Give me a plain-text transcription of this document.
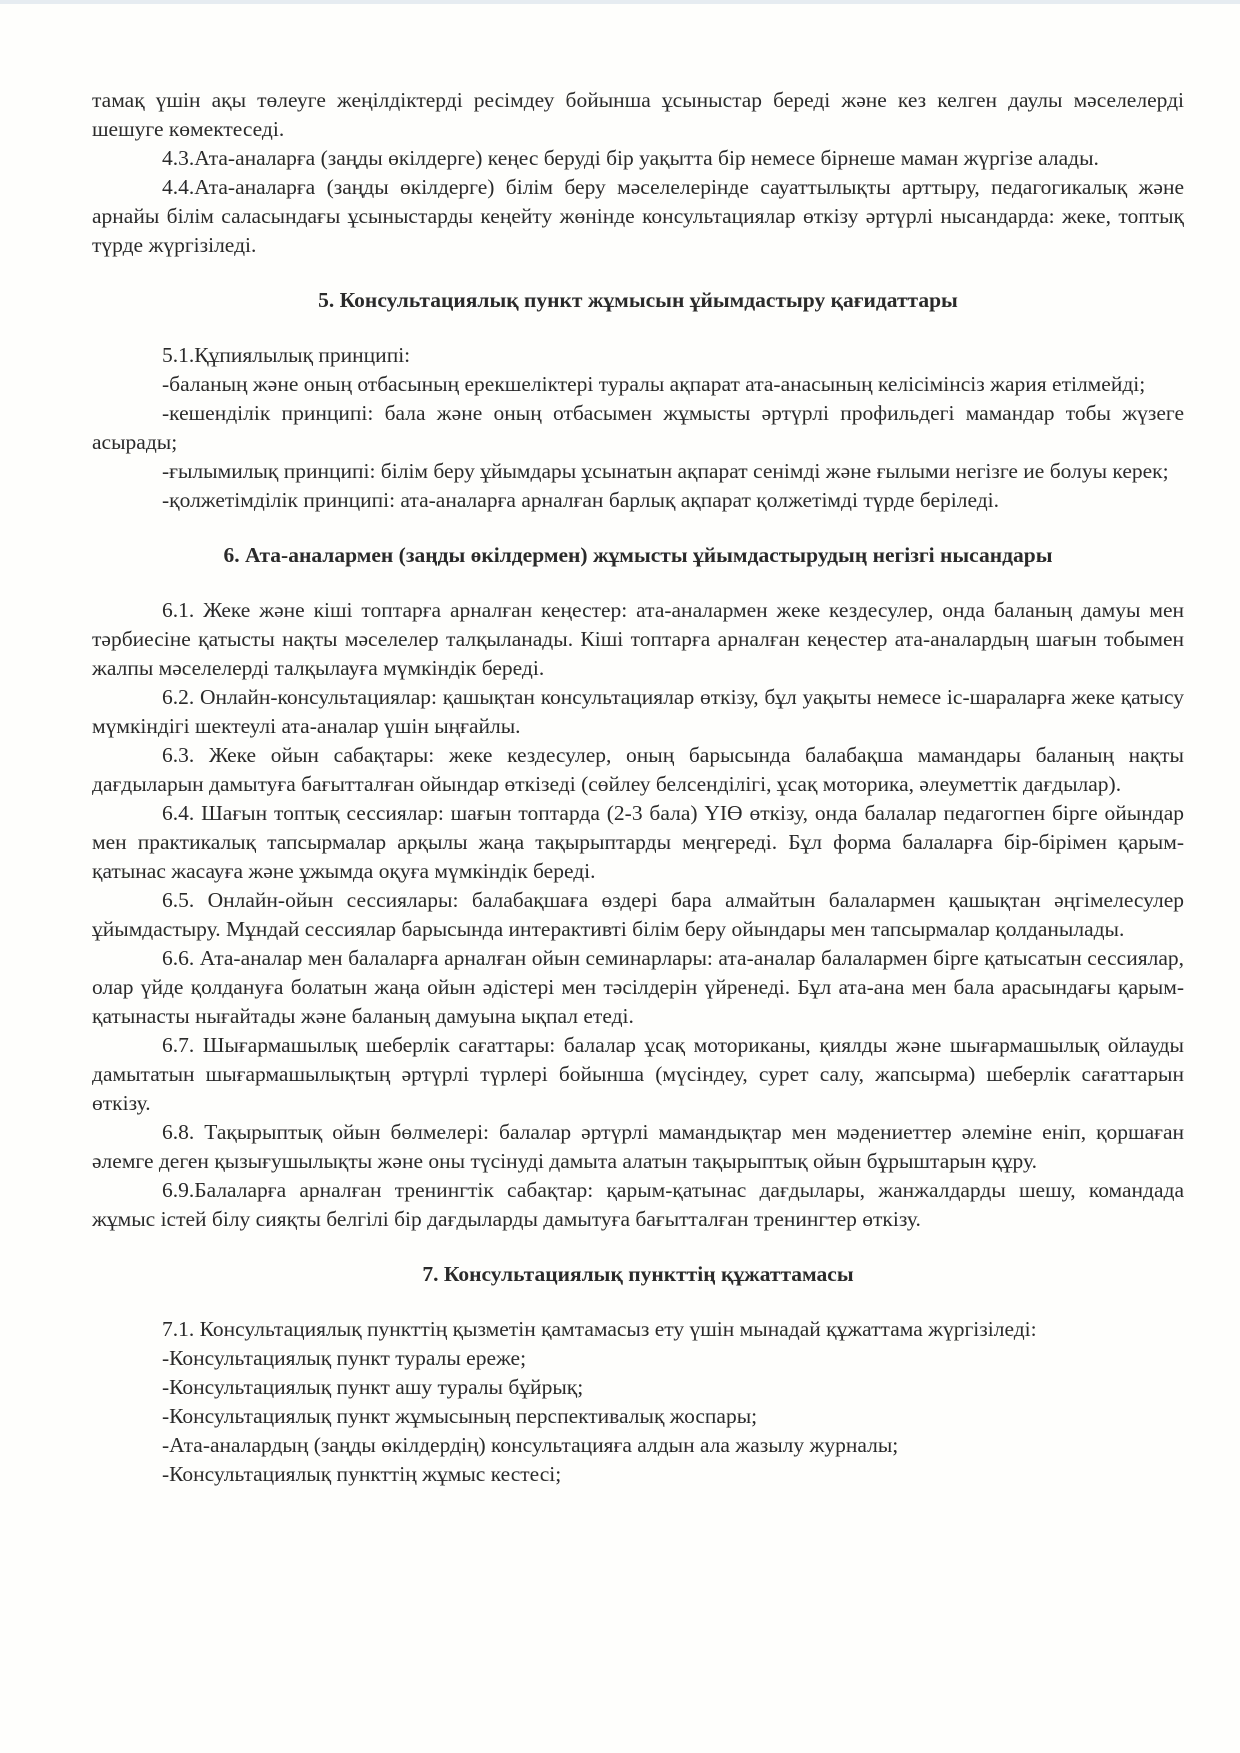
тамақ үшін ақы төлеуге жеңілдіктерді ресімдеу бойынша ұсыныстар береді және кез келген даулы мәселелерді шешуге көмектеседі.

4.3.Ата-аналарға (заңды өкілдерге) кеңес беруді бір уақытта бір немесе бірнеше маман жүргізе алады.

4.4.Ата-аналарға (заңды өкілдерге) білім беру мәселелерінде сауаттылықты арттыру, педагогикалық және арнайы білім саласындағы ұсыныстарды кеңейту жөнінде консультациялар өткізу әртүрлі нысандарда: жеке, топтық түрде жүргізіледі.

5. Консультациялық пункт жұмысын ұйымдастыру қағидаттары

5.1.Құпиялылық принципі:

-баланың және оның отбасының ерекшеліктері туралы ақпарат ата-анасының келісімінсіз жария етілмейді;

-кешенділік принципі: бала және оның отбасымен жұмысты әртүрлі профильдегі мамандар тобы жүзеге асырады;

-ғылымилық принципі: білім беру ұйымдары ұсынатын ақпарат сенімді және ғылыми негізге ие болуы керек;

-қолжетімділік принципі: ата-аналарға арналған барлық ақпарат қолжетімді түрде беріледі.

6. Ата-аналармен (заңды өкілдермен) жұмысты ұйымдастырудың негізгі нысандары

6.1. Жеке және кіші топтарға арналған кеңестер: ата-аналармен жеке кездесулер, онда баланың дамуы мен тәрбиесіне қатысты нақты мәселелер талқыланады. Кіші топтарға арналған кеңестер ата-аналардың шағын тобымен жалпы мәселелерді талқылауға мүмкіндік береді.

6.2. Онлайн-консультациялар: қашықтан консультациялар өткізу, бұл уақыты немесе іс-шараларға жеке қатысу мүмкіндігі шектеулі ата-аналар үшін ыңғайлы.

6.3. Жеке ойын сабақтары: жеке кездесулер, оның барысында балабақша мамандары баланың нақты дағдыларын дамытуға бағытталған ойындар өткізеді (сөйлеу белсенділігі, ұсақ моторика, әлеуметтік дағдылар).

6.4. Шағын топтық сессиялар: шағын топтарда (2-3 бала) ҮІӨ өткізу, онда балалар педагогпен бірге ойындар мен практикалық тапсырмалар арқылы жаңа тақырыптарды меңгереді. Бұл форма балаларға бір-бірімен қарым-қатынас жасауға және ұжымда оқуға мүмкіндік береді.

6.5. Онлайн-ойын сессиялары: балабақшаға өздері бара алмайтын балалармен қашықтан әңгімелесулер ұйымдастыру. Мұндай сессиялар барысында интерактивті білім беру ойындары мен тапсырмалар қолданылады.

6.6. Ата-аналар мен балаларға арналған ойын семинарлары: ата-аналар балалармен бірге қатысатын сессиялар, олар үйде қолдануға болатын жаңа ойын әдістері мен тәсілдерін үйренеді. Бұл ата-ана мен бала арасындағы қарым-қатынасты нығайтады және баланың дамуына ықпал етеді.

6.7. Шығармашылық шеберлік сағаттары: балалар ұсақ моториканы, қиялды және шығармашылық ойлауды дамытатын шығармашылықтың әртүрлі түрлері бойынша (мүсіндеу, сурет салу, жапсырма) шеберлік сағаттарын өткізу.

6.8. Тақырыптық ойын бөлмелері: балалар әртүрлі мамандықтар мен мәдениеттер әлеміне еніп, қоршаған әлемге деген қызығушылықты және оны түсінуді дамыта алатын тақырыптық ойын бұрыштарын құру.

6.9.Балаларға арналған тренингтік сабақтар: қарым-қатынас дағдылары, жанжалдарды шешу, командада жұмыс істей білу сияқты белгілі бір дағдыларды дамытуға бағытталған тренингтер өткізу.

7. Консультациялық пункттің құжаттамасы

7.1. Консультациялық пункттің қызметін қамтамасыз ету үшін мынадай құжаттама жүргізіледі:

-Консультациялық пункт туралы ереже;

-Консультациялық пункт ашу туралы бұйрық;

-Консультациялық пункт жұмысының перспективалық жоспары;

-Ата-аналардың (заңды өкілдердің) консультацияға алдын ала жазылу журналы;

-Консультациялық пункттің жұмыс кестесі;
